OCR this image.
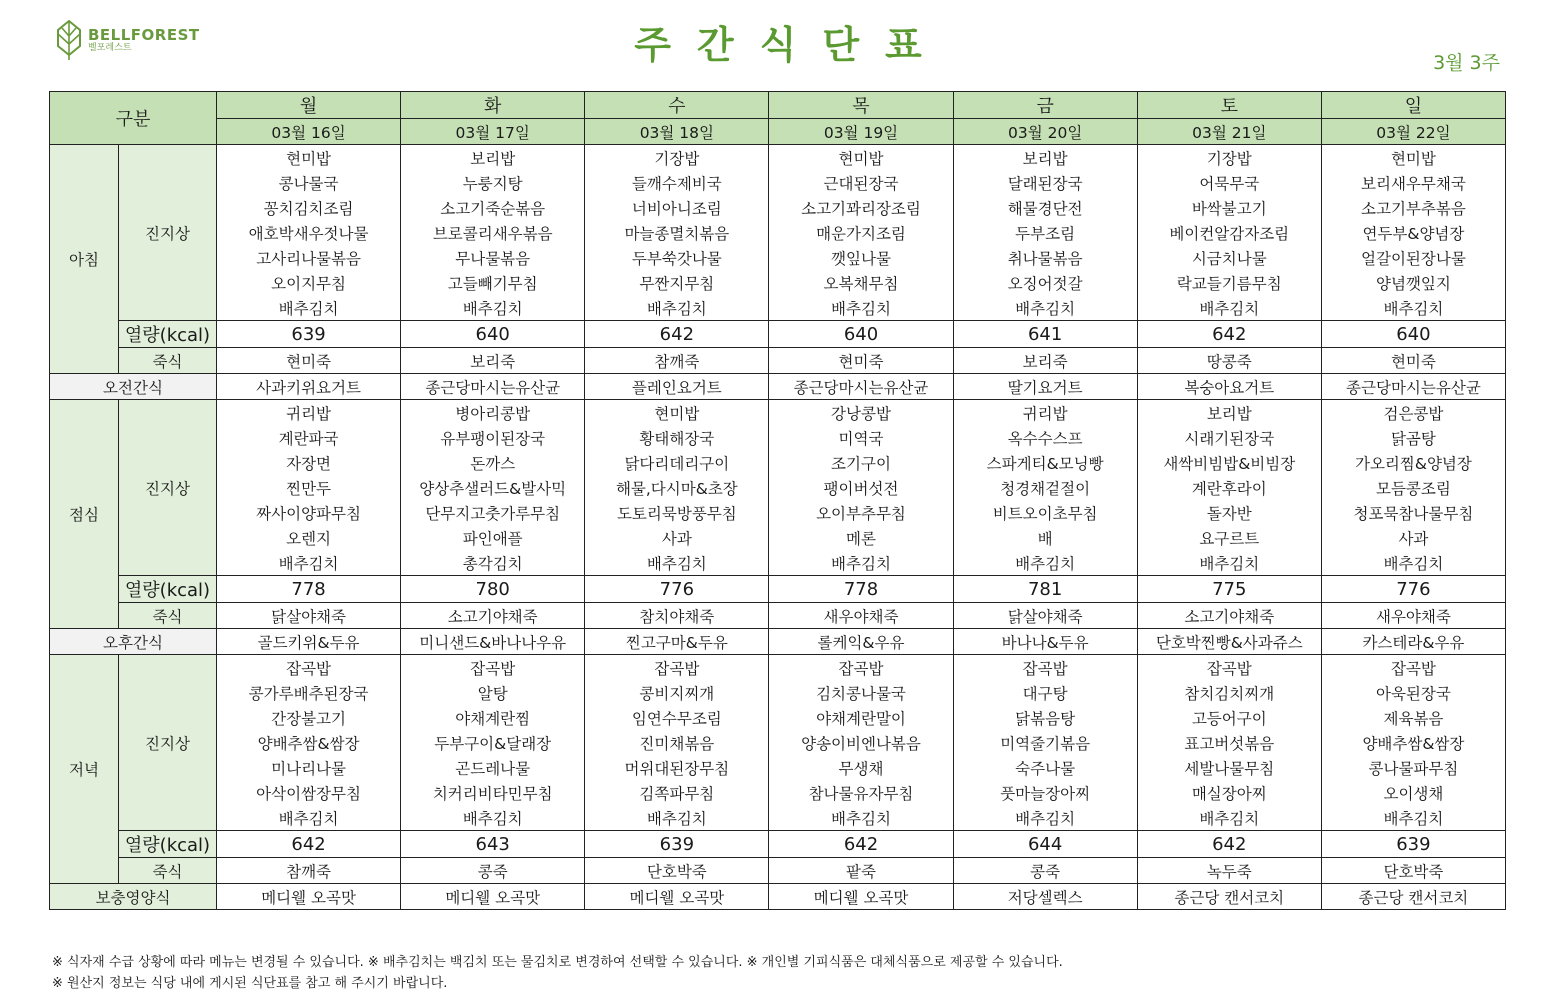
BELLFOREST
벨포레스트	주간식단표	3월 3주
구분		월	화	수	목	금	토	일
		03월 16일	03월 17일	03월 18일	03월 19일	03월 20일	03월 21일	03월 22일
아침	진지상	현미밥	보리밥	기장밥	현미밥	보리밥	기장밥	현미밥
		콩나물국	누룽지탕	들깨수제비국	근대된장국	달래된장국	어묵무국	보리새우무채국
		꽁치김치조림	소고기죽순볶음	너비아니조림	소고기꽈리장조림	해물경단전	바싹불고기	소고기부추볶음
		애호박새우젓나물	브로콜리새우볶음	마늘종멸치볶음	매운가지조림	두부조림	베이컨알감자조림	연두부&양념장
		고사리나물볶음	무나물볶음	두부쑥갓나물	깻잎나물	취나물볶음	시금치나물	얼갈이된장나물
		오이지무침	고들빼기무침	무짠지무침	오복채무침	오징어젓갈	락교들기름무침	양념깻잎지
		배추김치	배추김치	배추김치	배추김치	배추김치	배추김치	배추김치
	열량(kcal)	639	640	642	640	641	642	640
	죽식	현미죽	보리죽	참깨죽	현미죽	보리죽	땅콩죽	현미죽
오전간식		사과키위요거트	종근당마시는유산균	플레인요거트	종근당마시는유산균	딸기요거트	복숭아요거트	종근당마시는유산균
점심	진지상	귀리밥	병아리콩밥	현미밥	강낭콩밥	귀리밥	보리밥	검은콩밥
		계란파국	유부팽이된장국	황태해장국	미역국	옥수수스프	시래기된장국	닭곰탕
		자장면	돈까스	닭다리데리구이	조기구이	스파게티&모닝빵	새싹비빔밥&비빔장	가오리찜&양념장
		찐만두	양상추샐러드&발사믹	해물,다시마&초장	팽이버섯전	청경채겉절이	계란후라이	모듬콩조림
		짜사이양파무침	단무지고춧가루무침	도토리묵방풍무침	오이부추무침	비트오이초무침	돌자반	청포묵참나물무침
		오렌지	파인애플	사과	메론	배	요구르트	사과
		배추김치	총각김치	배추김치	배추김치	배추김치	배추김치	배추김치
	열량(kcal)	778	780	776	778	781	775	776
	죽식	닭살야채죽	소고기야채죽	참치야채죽	새우야채죽	닭살야채죽	소고기야채죽	새우야채죽
오후간식		골드키위&두유	미니샌드&바나나우유	찐고구마&두유	롤케익&우유	바나나&두유	단호박찐빵&사과쥬스	카스테라&우유
저녁	진지상	잡곡밥	잡곡밥	잡곡밥	잡곡밥	잡곡밥	잡곡밥	잡곡밥
		콩가루배추된장국	알탕	콩비지찌개	김치콩나물국	대구탕	참치김치찌개	아욱된장국
		간장불고기	야채계란찜	임연수무조림	야채계란말이	닭볶음탕	고등어구이	제육볶음
		양배추쌈&쌈장	두부구이&달래장	진미채볶음	양송이비엔나볶음	미역줄기볶음	표고버섯볶음	양배추쌈&쌈장
		미나리나물	곤드레나물	머위대된장무침	무생채	숙주나물	세발나물무침	콩나물파무침
		아삭이쌈장무침	치커리비타민무침	김쪽파무침	참나물유자무침	풋마늘장아찌	매실장아찌	오이생채
		배추김치	배추김치	배추김치	배추김치	배추김치	배추김치	배추김치
	열량(kcal)	642	643	639	642	644	642	639
	죽식	참깨죽	콩죽	단호박죽	팥죽	콩죽	녹두죽	단호박죽
보충영양식		메디웰 오곡맛	메디웰 오곡맛	메디웰 오곡맛	메디웰 오곡맛	저당셀렉스	종근당 캔서코치	종근당 캔서코치
※ 식자재 수급 상황에 따라 메뉴는 변경될 수 있습니다. ※ 배추김치는 백김치 또는 물김치로 변경하여 선택할 수 있습니다. ※ 개인별 기피식품은 대체식품으로 제공할 수 있습니다.
※ 원산지 정보는 식당 내에 게시된 식단표를 참고 해 주시기 바랍니다.
